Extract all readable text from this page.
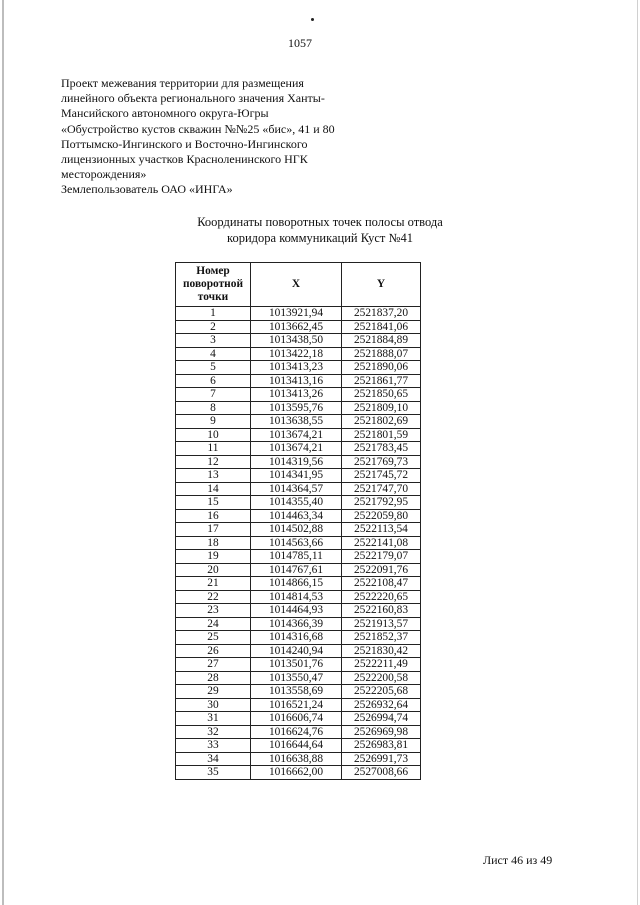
1057
Проект межевания территории для размещения
линейного объекта регионального значения Ханты-
Мансийского автономного округа-Югры
«Обустройство кустов скважин №№25 «бис», 41 и 80
Поттымско-Ингинского и Восточно-Ингинского
лицензионных участков Красноленинского НГК
месторождения»
Землепользователь ОАО «ИНГА»
Координаты поворотных точек полосы отвода
коридора коммуникаций Куст №41
Номер
поворотной
точки	X	Y
1	1013921,94	2521837,20
2	1013662,45	2521841,06
3	1013438,50	2521884,89
4	1013422,18	2521888,07
5	1013413,23	2521890,06
6	1013413,16	2521861,77
7	1013413,26	2521850,65
8	1013595,76	2521809,10
9	1013638,55	2521802,69
10	1013674,21	2521801,59
11	1013674,21	2521783,45
12	1014319,56	2521769,73
13	1014341,95	2521745,72
14	1014364,57	2521747,70
15	1014355,40	2521792,95
16	1014463,34	2522059,80
17	1014502,88	2522113,54
18	1014563,66	2522141,08
19	1014785,11	2522179,07
20	1014767,61	2522091,76
21	1014866,15	2522108,47
22	1014814,53	2522220,65
23	1014464,93	2522160,83
24	1014366,39	2521913,57
25	1014316,68	2521852,37
26	1014240,94	2521830,42
27	1013501,76	2522211,49
28	1013550,47	2522200,58
29	1013558,69	2522205,68
30	1016521,24	2526932,64
31	1016606,74	2526994,74
32	1016624,76	2526969,98
33	1016644,64	2526983,81
34	1016638,88	2526991,73
35	1016662,00	2527008,66
Лист 46 из 49
